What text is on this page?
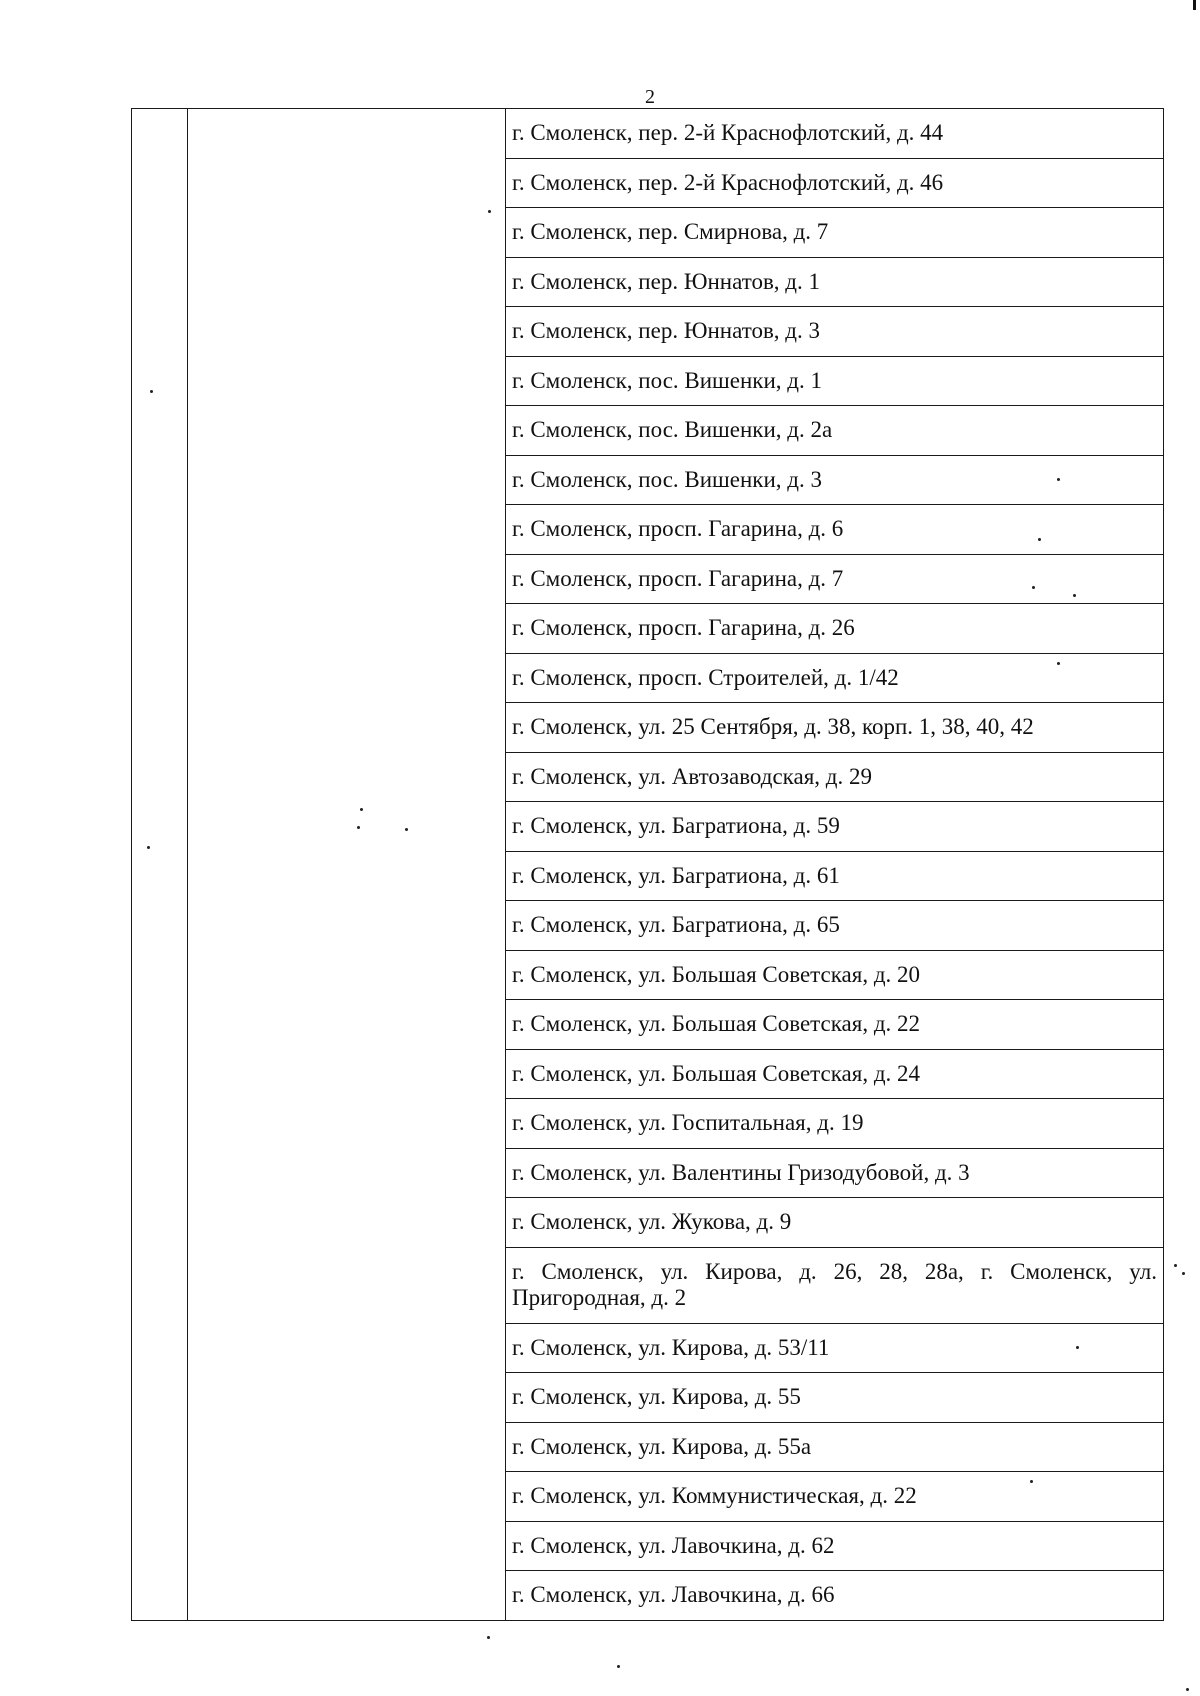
2
		г. Смоленск, пер. 2-й Краснофлотский, д. 44
г. Смоленск, пер. 2-й Краснофлотский, д. 46
г. Смоленск, пер. Смирнова, д. 7
г. Смоленск, пер. Юннатов, д. 1
г. Смоленск, пер. Юннатов, д. 3
г. Смоленск, пос. Вишенки, д. 1
г. Смоленск, пос. Вишенки, д. 2а
г. Смоленск, пос. Вишенки, д. 3
г. Смоленск, просп. Гагарина, д. 6
г. Смоленск, просп. Гагарина, д. 7
г. Смоленск, просп. Гагарина, д. 26
г. Смоленск, просп. Строителей, д. 1/42
г. Смоленск, ул. 25 Сентября, д. 38, корп. 1, 38, 40, 42
г. Смоленск, ул. Автозаводская, д. 29
г. Смоленск, ул. Багратиона, д. 59
г. Смоленск, ул. Багратиона, д. 61
г. Смоленск, ул. Багратиона, д. 65
г. Смоленск, ул. Большая Советская, д. 20
г. Смоленск, ул. Большая Советская, д. 22
г. Смоленск, ул. Большая Советская, д. 24
г. Смоленск, ул. Госпитальная, д. 19
г. Смоленск, ул. Валентины Гризодубовой, д. 3
г. Смоленск, ул. Жукова, д. 9
г. Смоленск, ул. Кирова, д. 26, 28, 28а, г. Смоленск, ул. Пригородная, д. 2
г. Смоленск, ул. Кирова, д. 53/11
г. Смоленск, ул. Кирова, д. 55
г. Смоленск, ул. Кирова, д. 55а
г. Смоленск, ул. Коммунистическая, д. 22
г. Смоленск, ул. Лавочкина, д. 62
г. Смоленск, ул. Лавочкина, д. 66
